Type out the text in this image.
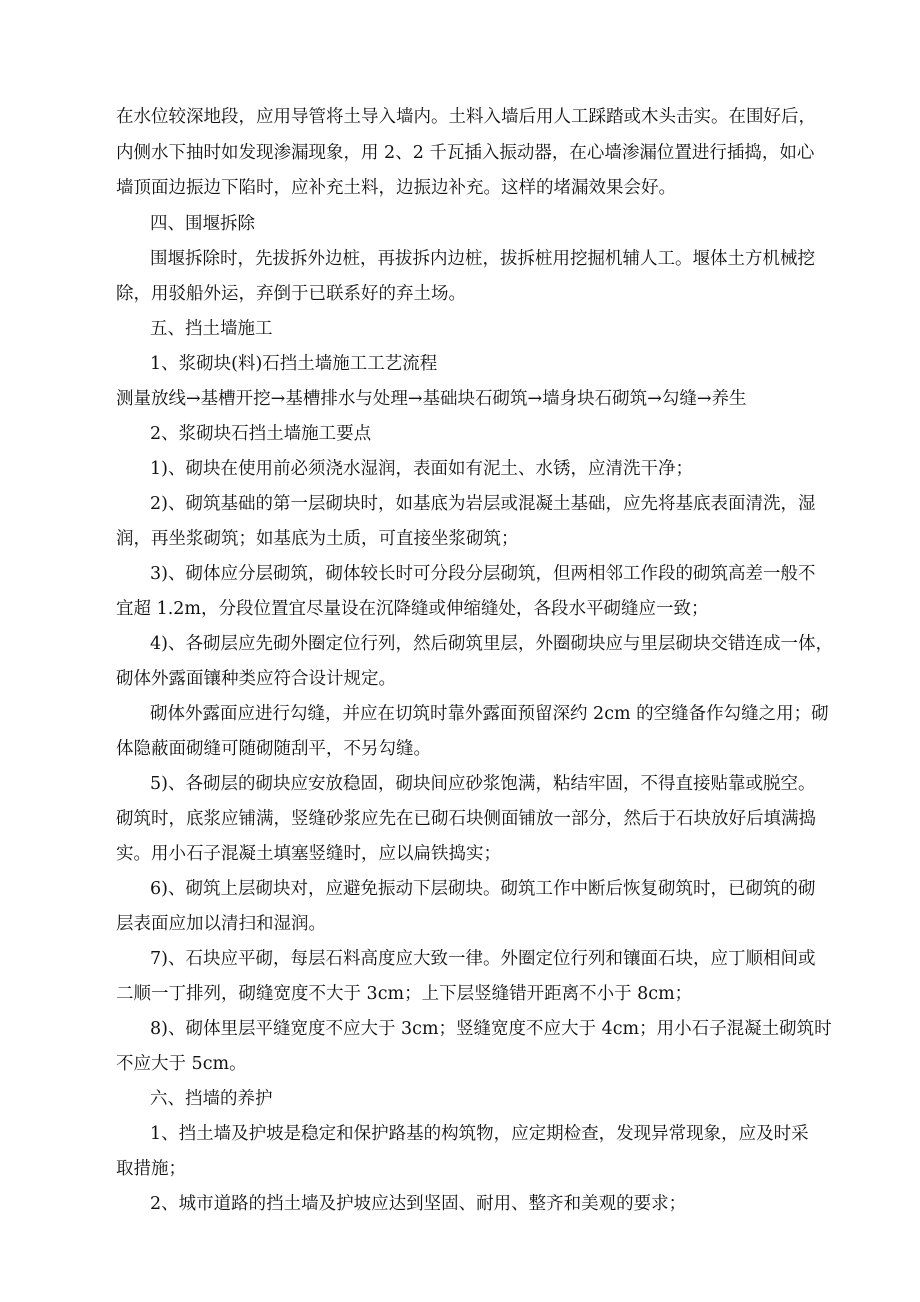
在水位较深地段，应用导管将土导入墙内。土料入墙后用人工踩踏或木头击实。在围好后，
内侧水下抽时如发现渗漏现象，用 2、2 千瓦插入振动器，在心墙渗漏位置进行插捣，如心
墙顶面边振边下陷时，应补充土料，边振边补充。这样的堵漏效果会好。
四、围堰拆除
围堰拆除时，先拔拆外边桩，再拔拆内边桩，拔拆桩用挖掘机辅人工。堰体土方机械挖
除，用驳船外运，弃倒于已联系好的弃土场。
五、挡土墙施工
1、浆砌块(料)石挡土墙施工工艺流程
测量放线→基槽开挖→基槽排水与处理→基础块石砌筑→墙身块石砌筑→勾缝→养生
2、浆砌块石挡土墙施工要点
1)、砌块在使用前必须浇水湿润，表面如有泥土、水锈，应清洗干净；
2)、砌筑基础的第一层砌块时，如基底为岩层或混凝土基础，应先将基底表面清洗，湿
润，再坐浆砌筑；如基底为土质，可直接坐浆砌筑；
3)、砌体应分层砌筑，砌体较长时可分段分层砌筑，但两相邻工作段的砌筑高差一般不
宜超 1.2m，分段位置宜尽量设在沉降缝或伸缩缝处，各段水平砌缝应一致；
4)、各砌层应先砌外圈定位行列，然后砌筑里层，外圈砌块应与里层砌块交错连成一体，
砌体外露面镶种类应符合设计规定。
砌体外露面应进行勾缝，并应在切筑时靠外露面预留深约 2cm 的空缝备作勾缝之用；砌
体隐蔽面砌缝可随砌随刮平，不另勾缝。
5)、各砌层的砌块应安放稳固，砌块间应砂浆饱满，粘结牢固，不得直接贴靠或脱空。
砌筑时，底浆应铺满，竖缝砂浆应先在已砌石块侧面铺放一部分，然后于石块放好后填满捣
实。用小石子混凝土填塞竖缝时，应以扁铁捣实；
6)、砌筑上层砌块对，应避免振动下层砌块。砌筑工作中断后恢复砌筑时，已砌筑的砌
层表面应加以清扫和湿润。
7)、石块应平砌，每层石料高度应大致一律。外圈定位行列和镶面石块，应丁顺相间或
二顺一丁排列，砌缝宽度不大于 3cm；上下层竖缝错开距离不小于 8cm；
8)、砌体里层平缝宽度不应大于 3cm；竖缝宽度不应大于 4cm；用小石子混凝土砌筑时
不应大于 5cm。
六、挡墙的养护
1、挡土墙及护坡是稳定和保护路基的构筑物，应定期检查，发现异常现象，应及时采
取措施；
2、城市道路的挡土墙及护坡应达到坚固、耐用、整齐和美观的要求；
